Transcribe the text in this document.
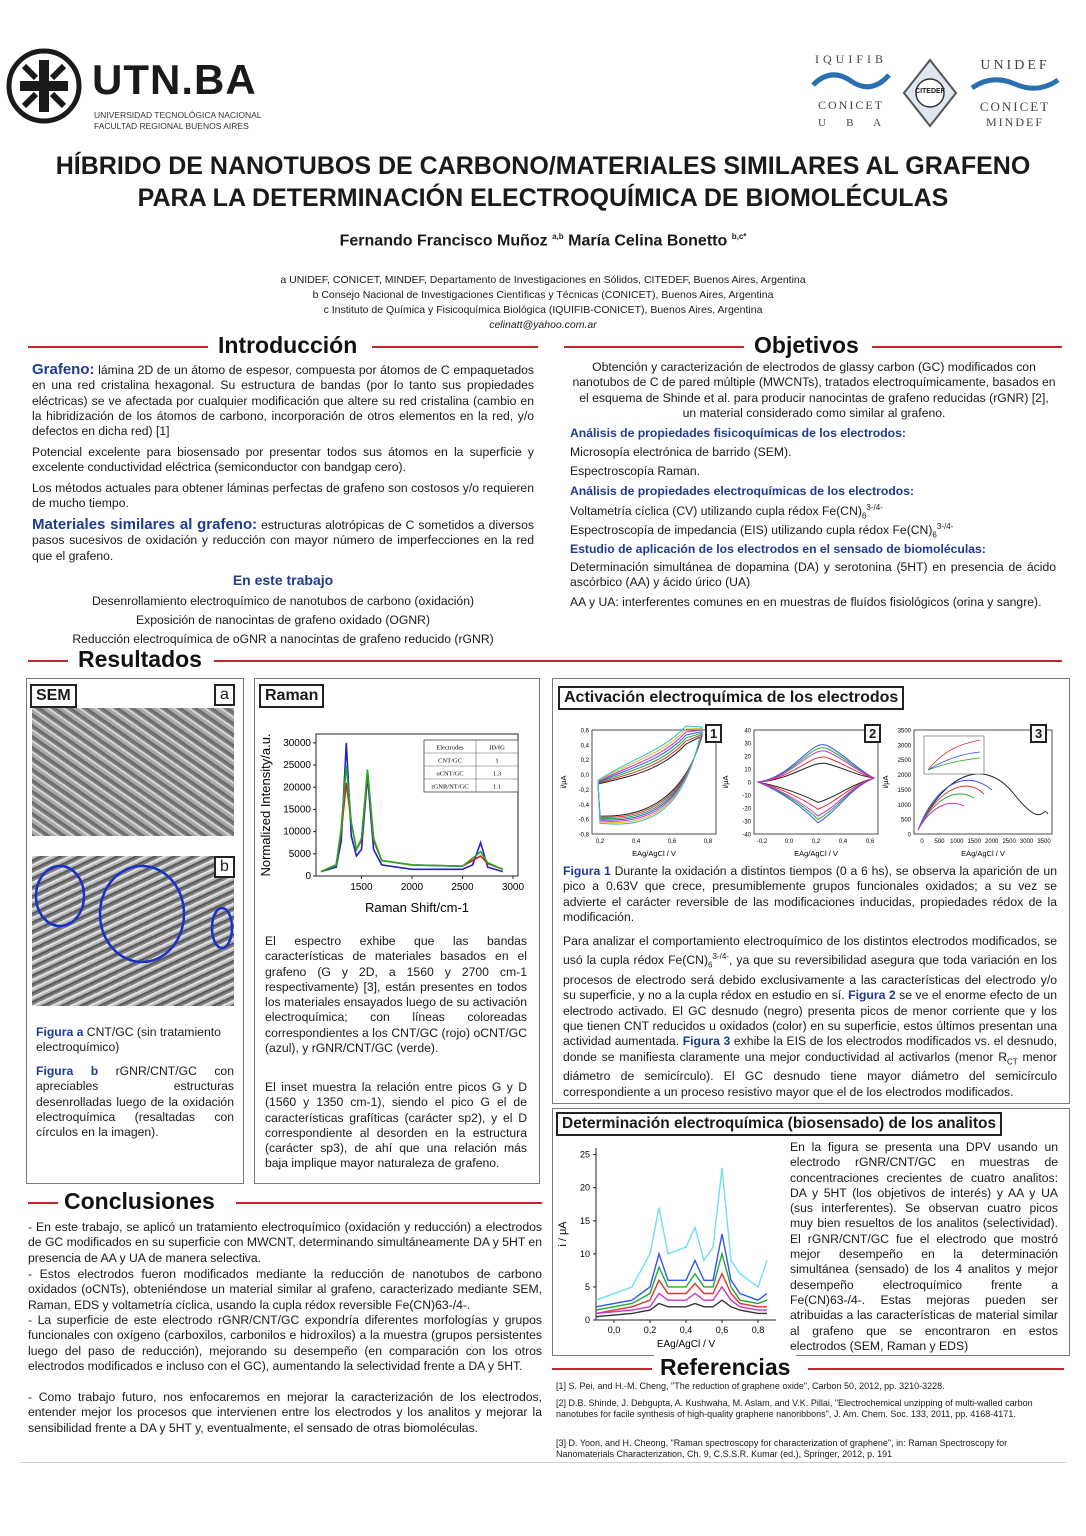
UTN.BA
UNIVERSIDAD TECNOLÓGICA NACIONAL
FACULTAD REGIONAL BUENOS AIRES
IQUIFIB
CONICET
U   B   A
CITEDEF
UNIDEF
CONICET
MINDEF
HÍBRIDO DE NANOTUBOS DE CARBONO/MATERIALES SIMILARES AL GRAFENO
PARA LA DETERMINACIÓN ELECTROQUÍMICA DE BIOMOLÉCULAS
Fernando Francisco Muñoz $^{a,b}$ María Celina Bonetto $^{b,c*}$
a UNIDEF, CONICET, MINDEF, Departamento de Investigaciones en Sólidos, CITEDEF, Buenos Aires, Argentina
b Consejo Nacional de Investigaciones Científicas y Técnicas (CONICET), Buenos Aires, Argentina
c Instituto de Química y Fisicoquímica Biológica (IQUIFIB-CONICET), Buenos Aires, Argentina
celinatt@yahoo.com.ar
Introducción
Grafeno: lámina 2D de un átomo de espesor, compuesta por átomos de C empaquetados en una red cristalina hexagonal. Su estructura de bandas (por lo tanto sus propiedades eléctricas) se ve afectada por cualquier modificación que altere su red cristalina (cambio en la hibridización de los átomos de carbono, incorporación de otros elementos en la red, y/o defectos en dicha red) [1]
Potencial excelente para biosensado por presentar todos sus átomos en la superficie y excelente conductividad eléctrica (semiconductor con bandgap cero).
Los métodos actuales para obtener láminas perfectas de grafeno son costosos y/o requieren de mucho tiempo.
Materiales similares al grafeno: estructuras alotrópicas de C sometidos a diversos pasos sucesivos de oxidación y reducción con mayor número de imperfecciones en la red que el grafeno.
En este trabajo
Desenrollamiento electroquímico de nanotubos de carbono (oxidación)
Exposición de nanocintas de grafeno oxidado (OGNR)
Reducción electroquímica de oGNR a nanocintas de grafeno reducido (rGNR)
Objetivos
Obtención y caracterización de electrodos de glassy carbon (GC) modificados con nanotubos de C de pared múltiple (MWCNTs), tratados electroquímicamente, basados en el esquema de Shinde et al. para producir nanocintas de grafeno reducidas (rGNR) [2], un material considerado como similar al grafeno.
Análisis de propiedades fisicoquímicas de los electrodos:
Microsopía electrónica de barrido (SEM).
Espectroscopía Raman.
Análisis de propiedades electroquímicas de los electrodos:
Voltametría cíclica (CV) utilizando cupla rédox $Fe(CN)_6^{3-/4-}$
Espectroscopía de impedancia (EIS) utilizando cupla rédox $Fe(CN)_6^{3-/4-}$
Estudio de aplicación de los electrodos en el sensado de biomoléculas:
Determinación simultánea de dopamina (DA) y serotonina (5HT) en presencia de ácido ascórbico (AA) y ácido úrico (UA)
AA y UA: interferentes comunes en en muestras de fluídos fisiológicos (orina y sangre).
Resultados
SEM	a
b
Figura a CNT/GC (sin tratamiento electroquímico)
Figura b rGNR/CNT/GC con apreciables estructuras desenrolladas luego de la oxidación electroquímica (resaltadas con círculos en la imagen).
Raman
0
5000
10000
15000
20000
25000
30000
1500	2000	2500	3000
Raman Shift/cm-1
Normalized Intensity/a.u.	Electrodes	ID/IG
CNT/GC	1
oCNT/GC	1.3
rGNR/NT/GC	1.1
El espectro exhibe que las bandas características de materiales basados en el grafeno (G y 2D, a 1560 y 2700 cm-1 respectivamente) [3], están presentes en todos los materiales ensayados luego de su activación electroquímica; con líneas coloreadas correspondientes a los CNT/GC (rojo) oCNT/GC (azul), y rGNR/CNT/GC (verde).
El inset muestra la relación entre picos G y D (1560 y 1350 cm-1), siendo el pico G el de características grafíticas (carácter sp2), y el D correspondiente al desorden en la estructura (carácter sp3), de ahí que una relación más baja implique mayor naturaleza de grafeno.
Activación electroquímica de los electrodos
0,6
0,4
0,2
0,0
-0,2
-0,4
-0,6
-0,8
0,2	0,4	0,6	0,8
EAg/AgCl / V
i/μA
40
30
20
10
0
-10
-20
-30
-40
-0,2	0,0	0,2	0,4	0,6
EAg/AgCl / V
i/μA
3500
3000
2500
2000
1500
1000
500
0
0 500 1000 1500 2000 2500 3000 3500
EAg/AgCl / V
i/μA
1	2	3
Figura 1 Durante la oxidación a distintos tiempos (0 a 6 hs), se observa la aparición de un pico a 0.63V que crece, presumiblemente grupos funcionales oxidados; a su vez se advierte el carácter reversible de las modificaciones inducidas, propiedades rédox de la modificación.
Para analizar el comportamiento electroquímico de los distintos electrodos modificados, se usó la cupla rédox $Fe(CN)_6^{3-/4-}$, ya que su reversibilidad asegura que toda variación en los procesos de electrodo será debido exclusivamente a las características del electrodo y/o su superficie, y no a la cupla rédox en estudio en sí. Figura 2 se ve el enorme efecto de un electrodo activado. El GC desnudo (negro) presenta picos de menor corriente que y los que tienen CNT reducidos u oxidados (color) en su superficie, estos últimos presentan una actividad aumentada. Figura 3 exhibe la EIS de los electrodos modificados vs. el desnudo, donde se manifiesta claramente una mejor conductividad al activarlos (menor $R_{CT}$ menor diámetro de semicírculo). El GC desnudo tiene mayor diámetro del semicírculo correspondiente a un proceso resistivo mayor que el de los electrodos modificados.
Determinación electroquímica (biosensado) de los analitos
0
5
10
15
20
25
0,0	0,2	0,4	0,6	0,8
EAg/AgCl / V
i / μA
En la figura se presenta una DPV usando un electrodo rGNR/CNT/GC en muestras de concentraciones crecientes de cuatro analitos: DA y 5HT (los objetivos de interés) y AA y UA (sus interferentes). Se observan cuatro picos muy bien resueltos de los analitos (selectividad). El rGNR/CNT/GC fue el electrodo que mostró mejor desempeño en la determinación simultánea (sensado) de los 4 analitos y mejor desempeño electroquímico frente a Fe(CN)63-/4-. Estas mejoras pueden ser atribuidas a las características de material similar al grafeno que se encontraron en estos electrodos (SEM, Raman y EDS)
Conclusiones
- En este trabajo, se aplicó un tratamiento electroquímico (oxidación y reducción) a electrodos de GC modificados en su superficie con MWCNT, determinando simultáneamente DA y 5HT en presencia de AA y UA de manera selectiva.
- Estos electrodos fueron modificados mediante la reducción de nanotubos de carbono oxidados (oCNTs), obteniéndose un material similar al grafeno, caracterizado mediante SEM, Raman, EDS y voltametría cíclica, usando la cupla rédox reversible Fe(CN)63-/4-.
- La superficie de este electrodo rGNR/CNT/GC expondría diferentes morfologías y grupos funcionales con oxígeno (carboxilos, carbonilos e hidroxilos) a la muestra (grupos persistentes luego del paso de reducción), mejorando su desempeño (en comparación con los otros electrodos modificados e incluso con el GC), aumentando la selectividad frente a DA y 5HT.
- Como trabajo futuro, nos enfocaremos en mejorar la caracterización de los electrodos, entender mejor los procesos que intervienen entre los electrodos y los analitos y mejorar la sensibilidad frente a DA y 5HT y, eventualmente, el sensado de otras biomoléculas.
Referencias
[1] S. Pei, and H.-M. Cheng, "The reduction of graphene oxide", Carbon 50, 2012, pp. 3210-3228.
[2] D.B. Shinde, J. Debgupta, A. Kushwaha, M. Aslam, and V.K. Pillai, "Electrochemical unzipping of multi-walled carbon nanotubes for facile synthesis of high-quality graphene nanoribbons", J. Am. Chem. Soc. 133, 2011, pp. 4168-4171.
[3] D. Yoon, and H. Cheong, "Raman spectroscopy for characterization of graphene", in: Raman Spectroscopy for Nanomaterials Characterization, Ch. 9, C.S.S.R. Kumar (ed.), Springer, 2012, p. 191
